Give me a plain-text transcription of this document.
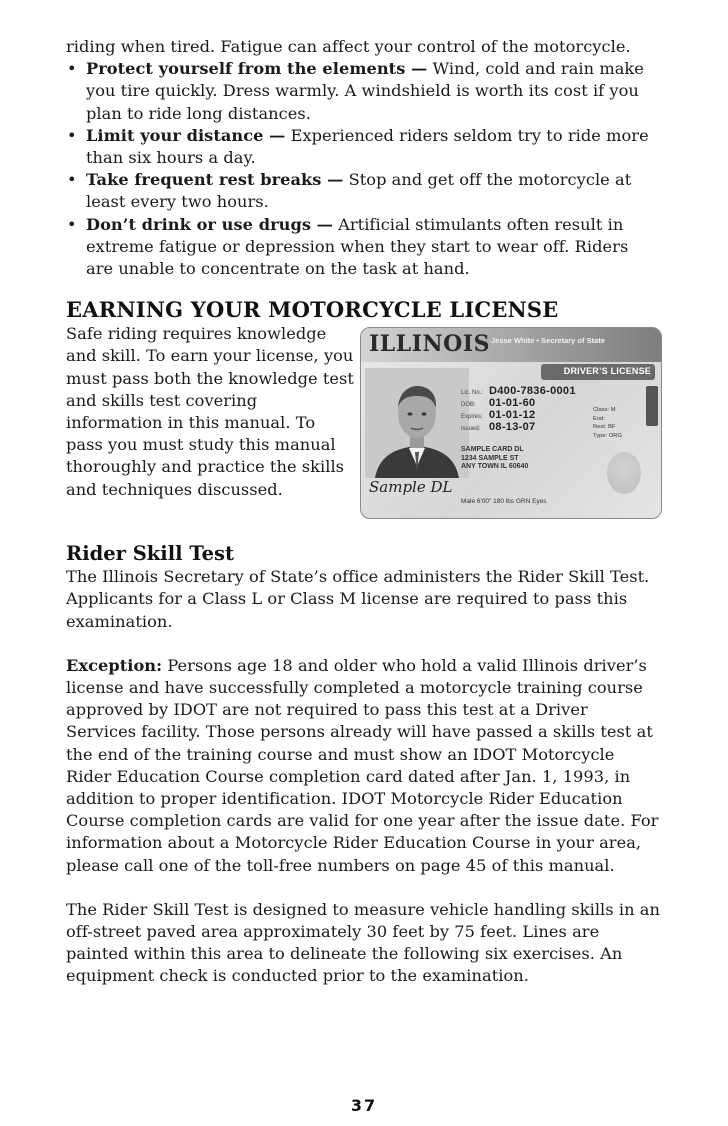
riding when tired. Fatigue can affect your control of the motorcycle.

• Protect yourself from the elements — Wind, cold and rain make you tire quickly. Dress warmly. A windshield is worth its cost if you plan to ride long distances.
• Limit your distance — Experienced riders seldom try to ride more than six hours a day.
• Take frequent rest breaks — Stop and get off the motorcycle at least every two hours.
• Don’t drink or use drugs — Artificial stimulants often result in extreme fatigue or depression when they start to wear off. Riders are unable to concentrate on the task at hand.
EARNING YOUR MOTORCYCLE LICENSE

Safe riding requires knowledge and skill. To earn your license, you must pass both the knowledge test and skills test covering information in this manual. To pass you must study this manual thoroughly and practice the skills and techniques discussed.

ILLINOIS Jesse White • Secretary of State
DRIVER’S LICENSE
Lic. No.: D400-7836-0001
DOB: 01-01-60
Expires: 01-01-12
Issued: 08-13-07
SAMPLE CARD DL
1234 SAMPLE ST
ANY TOWN IL 60640
Class: M
End:
Rest: BF
Type: ORG
Sample DL
Male 6'00" 180 lbs GRN Eyes
Rider Skill Test

The Illinois Secretary of State’s office administers the Rider Skill Test. Applicants for a Class L or Class M license are required to pass this examination.

Exception: Persons age 18 and older who hold a valid Illinois driver’s license and have successfully completed a motorcycle training course approved by IDOT are not required to pass this test at a Driver Services facility. Those persons already will have passed a skills test at the end of the training course and must show an IDOT Motorcycle Rider Education Course completion card dated after Jan. 1, 1993, in addition to proper identification. IDOT Motorcycle Rider Education Course completion cards are valid for one year after the issue date. For information about a Motorcycle Rider Education Course in your area, please call one of the toll-free numbers on page 45 of this manual.

The Rider Skill Test is designed to measure vehicle handling skills in an off-street paved area approximately 30 feet by 75 feet. Lines are painted within this area to delineate the following six exercises. An equipment check is conducted prior to the examination.

37
